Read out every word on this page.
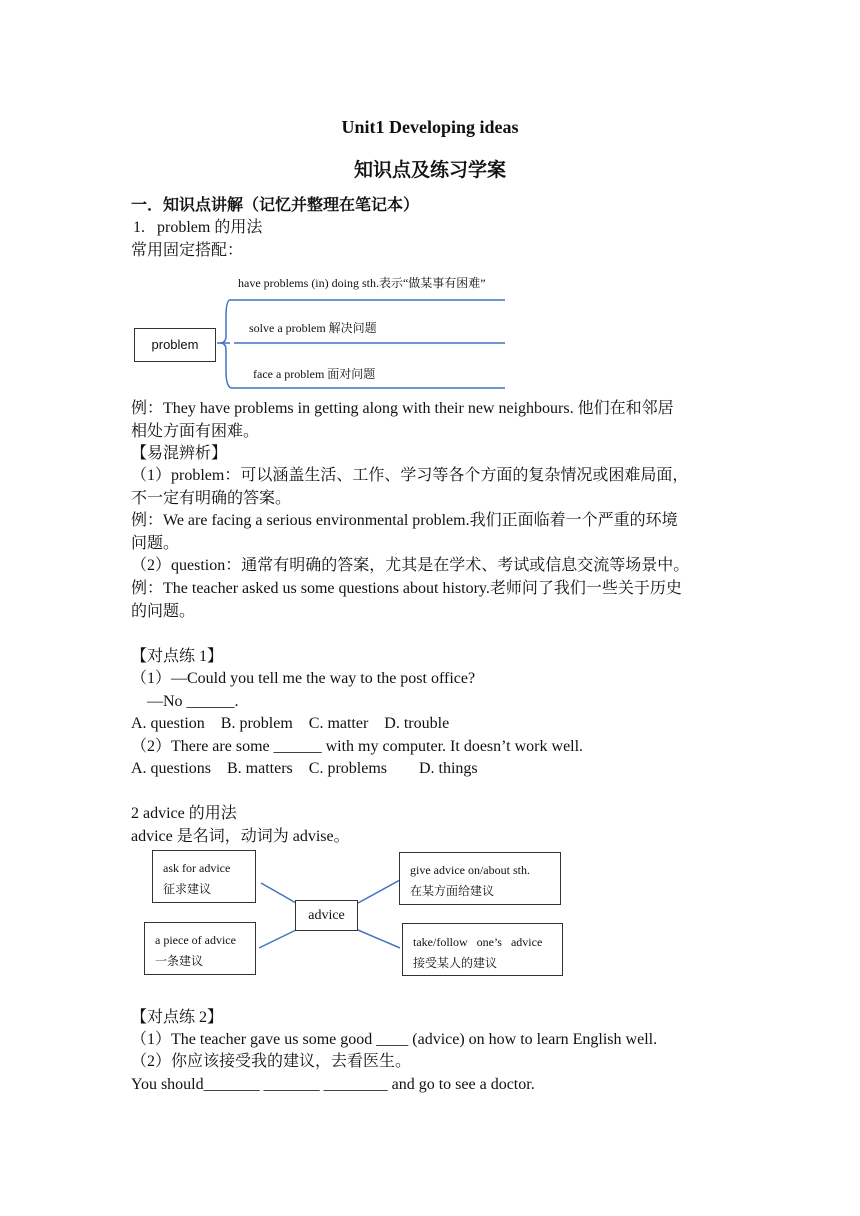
Unit1 Developing ideas
知识点及练习学案
一．知识点讲解（记忆并整理在笔记本）
1.   problem 的用法
常用固定搭配：
problem
have problems (in) doing sth.表示“做某事有困难”
solve a problem 解决问题
face a problem 面对问题
例：They have problems in getting along with their new neighbours. 他们在和邻居
相处方面有困难。
【易混辨析】
（1）problem：可以涵盖生活、工作、学习等各个方面的复杂情况或困难局面，
不一定有明确的答案。
例：We are facing a serious environmental problem.我们正面临着一个严重的环境
问题。
（2）question：通常有明确的答案，尤其是在学术、考试或信息交流等场景中。
例：The teacher asked us some questions about history.老师问了我们一些关于历史
的问题。
【对点练 1】
（1）—Could you tell me the way to the post office?
—No ______.
A. question    B. problem    C. matter    D. trouble
（2）There are some ______ with my computer. It doesn’t work well.
A. questions    B. matters    C. problems        D. things
2 advice 的用法
advice 是名词，动词为 advise。
ask for advice
征求建议
a piece of advice
一条建议
advice
give advice on/about sth.
在某方面给建议
take/follow   one’s   advice
接受某人的建议
【对点练 2】
（1）The teacher gave us some good ____ (advice) on how to learn English well.
（2）你应该接受我的建议，去看医生。
You should_______ _______ ________ and go to see a doctor.
